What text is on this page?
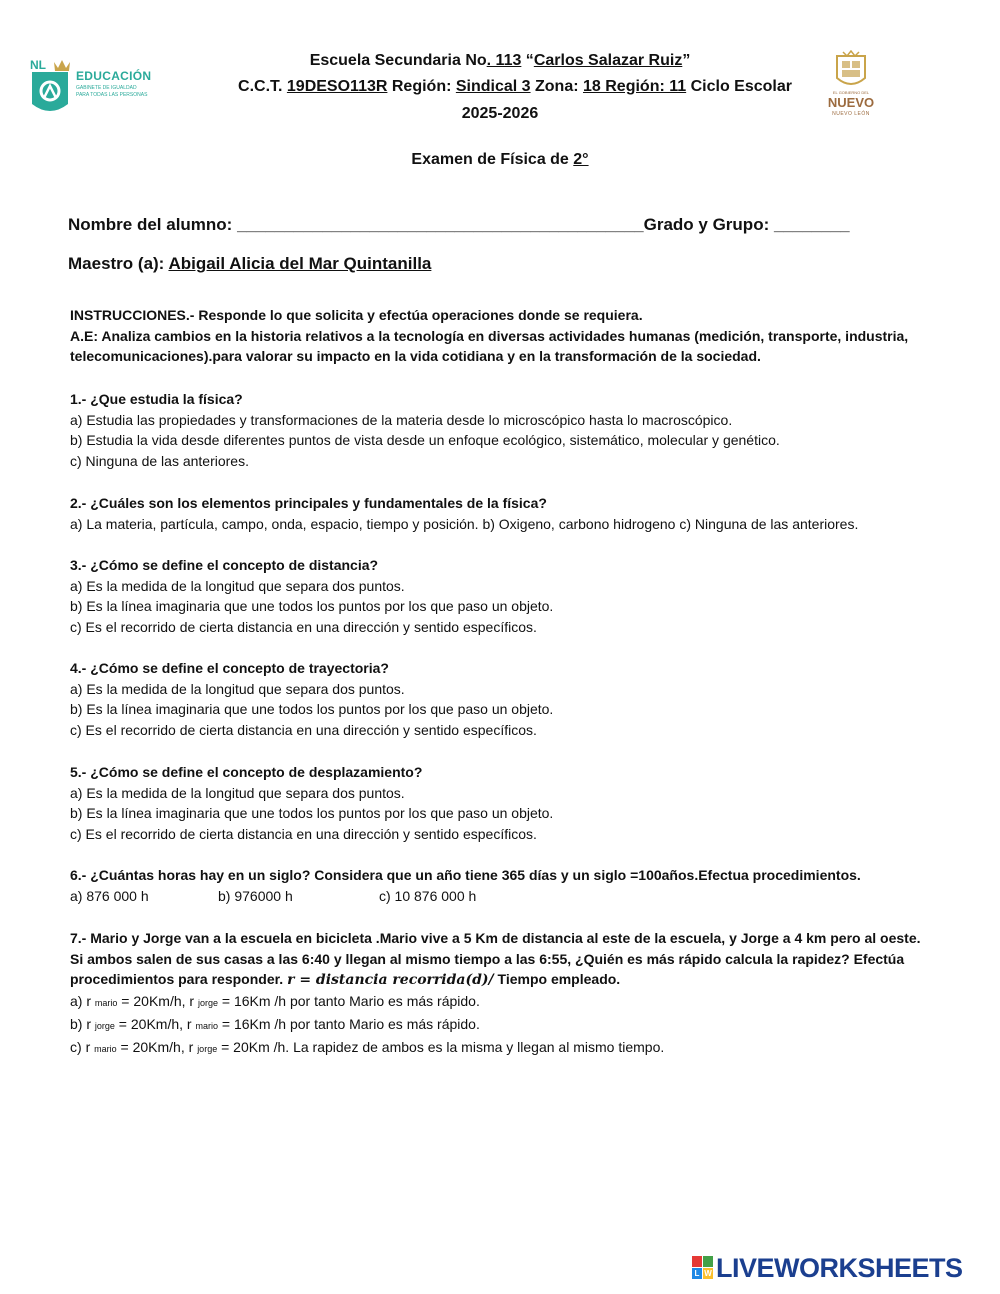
NL
EDUCACIÓN
GABINETE DE IGUALDAD
PARA TODAS LAS PERSONAS	EL GOBIERNO DEL
NUEVO
NUEVO LEÓN
Escuela Secundaria No. 113 “Carlos Salazar Ruiz”
C.C.T. 19DESO113R Región: Sindical 3 Zona: 18 Región: 11 Ciclo Escolar
2025-2026
Examen de Física de 2°
Nombre del alumno: ___________________________________________Grado y Grupo: ________
Maestro (a): Abigail Alicia del Mar Quintanilla
INSTRUCCIONES.- Responde lo que solicita y efectúa operaciones donde se requiera.
A.E: Analiza cambios en la historia relativos a la tecnología en diversas actividades humanas (medición, transporte, industria,
telecomunicaciones).para valorar su impacto en la vida cotidiana y en la transformación de la sociedad.
1.- ¿Que estudia la física?
a) Estudia las propiedades y transformaciones de la materia desde lo microscópico hasta lo macroscópico.
b) Estudia la vida desde diferentes puntos de vista desde un enfoque ecológico, sistemático, molecular y genético.
c) Ninguna de las anteriores.
2.- ¿Cuáles son los elementos principales y fundamentales de la física?
a) La materia, partícula, campo, onda, espacio, tiempo y posición. b) Oxigeno, carbono hidrogeno c) Ninguna de las anteriores.
3.- ¿Cómo se define el concepto de distancia?
a) Es la medida de la longitud que separa dos puntos.
b) Es la línea imaginaria que une todos los puntos por los que paso un objeto.
c) Es el recorrido de cierta distancia en una dirección y sentido específicos.
4.- ¿Cómo se define el concepto de trayectoria?
a) Es la medida de la longitud que separa dos puntos.
b) Es la línea imaginaria que une todos los puntos por los que paso un objeto.
c) Es el recorrido de cierta distancia en una dirección y sentido específicos.
5.- ¿Cómo se define el concepto de desplazamiento?
a) Es la medida de la longitud que separa dos puntos.
b) Es la línea imaginaria que une todos los puntos por los que paso un objeto.
c) Es el recorrido de cierta distancia en una dirección y sentido específicos.
6.- ¿Cuántas horas hay en un siglo? Considera que un año tiene 365 días y un siglo =100años.Efectua procedimientos.
a) 876 000 h	b) 976000 h	c) 10 876 000 h
7.- Mario y Jorge van a la escuela en bicicleta .Mario vive a 5 Km de distancia al este de la escuela, y Jorge a 4 km pero al oeste.
Si ambos salen de sus casas a las 6:40 y llegan al mismo tiempo a las 6:55, ¿Quién es más rápido calcula la rapidez? Efectúa
procedimientos para responder. r = distancia recorrida(d)/ Tiempo empleado.
a) r mario = 20Km/h, r jorge = 16Km /h por tanto Mario es más rápido.
b) r jorge = 20Km/h, r mario = 16Km /h por tanto Mario es más rápido.
c) r mario = 20Km/h, r jorge = 20Km /h. La rapidez de ambos es la misma y llegan al mismo tiempo.
L W LIVEWORKSHEETS
